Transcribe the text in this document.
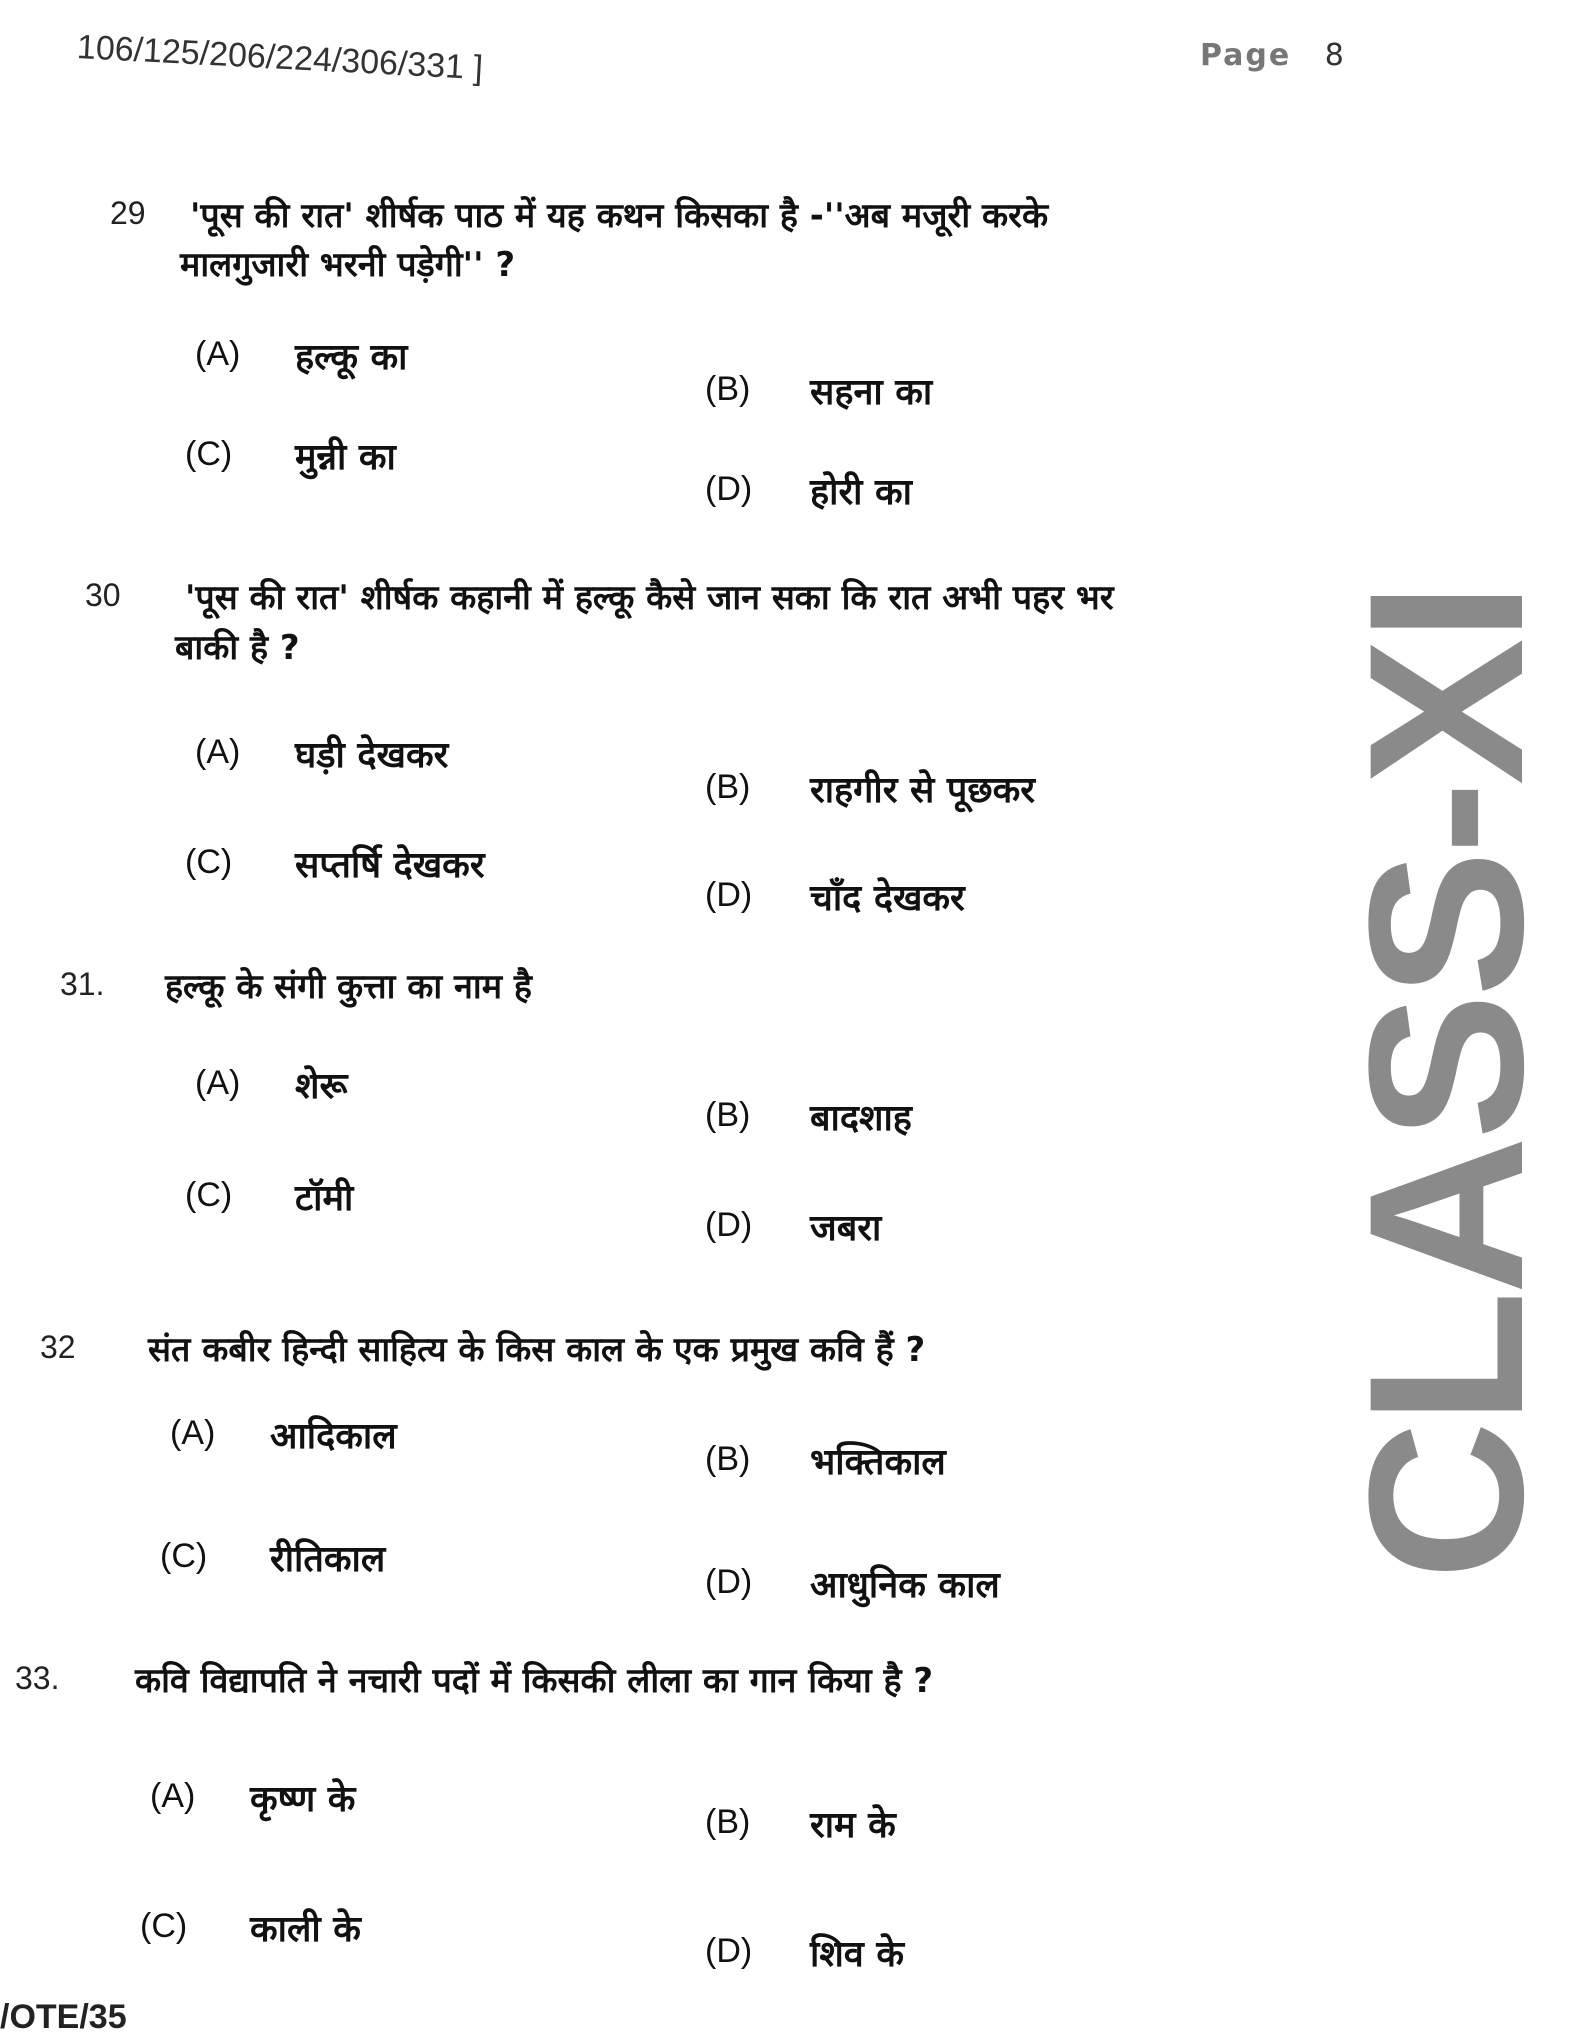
106/125/206/224/306/331 ]	Page 8
CLASS-XI
29 'पूस की रात' शीर्षक पाठ में यह कथन किसका है -''अब मजूरी करके
मालगुजारी भरनी पड़ेगी'' ?
(A) हल्कू का
(B) सहना का
(C) मुन्नी का
(D) होरी का
30 'पूस की रात' शीर्षक कहानी में हल्कू कैसे जान सका कि रात अभी पहर भर
बाकी है ?
(A) घड़ी देखकर
(B) राहगीर से पूछकर
(C) सप्तर्षि देखकर
(D) चाँद देखकर
31. हल्कू के संगी कुत्ता का नाम है
(A) शेरू
(B) बादशाह
(C) टॉमी
(D) जबरा
32 संत कबीर हिन्दी साहित्य के किस काल के एक प्रमुख कवि हैं ?
(A) आदिकाल
(B) भक्तिकाल
(C) रीतिकाल
(D) आधुनिक काल
33. कवि विद्यापति ने नचारी पदों में किसकी लीला का गान किया है ?
(A) कृष्ण के
(B) राम के
(C) काली के
(D) शिव के
/OTE/35
